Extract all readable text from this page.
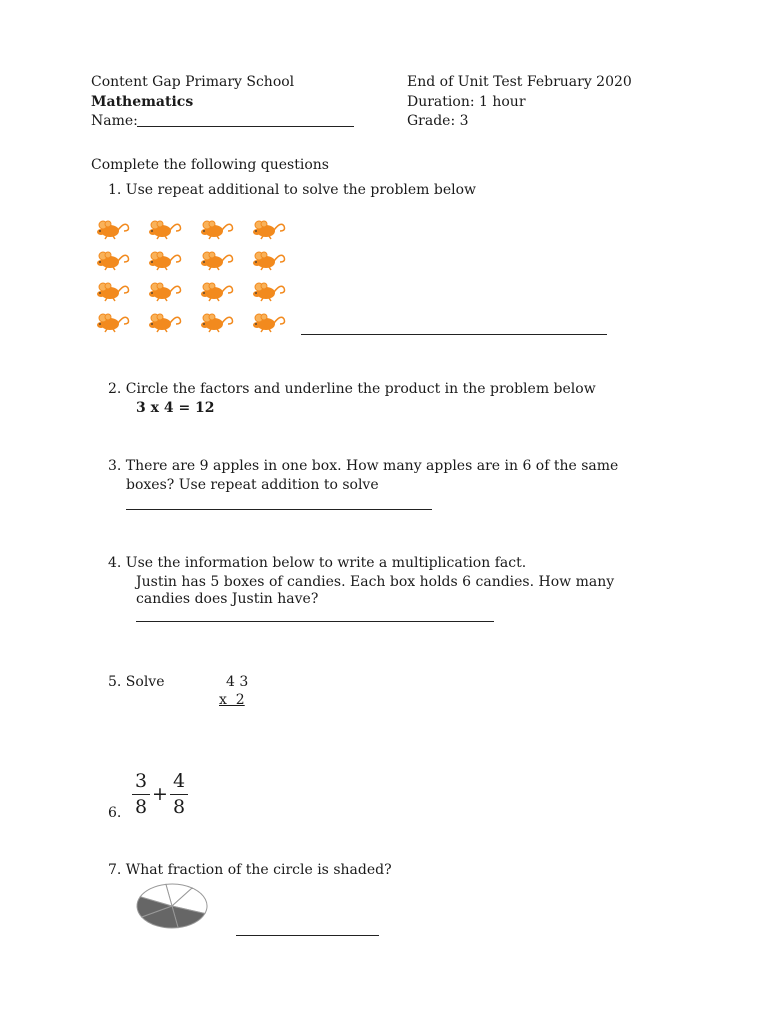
Content Gap Primary School
Mathematics
Name:
End of Unit Test February 2020
Duration: 1 hour
Grade: 3
Complete the following questions
1. Use repeat additional to solve the problem below
2. Circle the factors and underline the product in the problem below
3 x 4 = 12
3. There are 9 apples in one box. How many apples are in 6 of the same
boxes? Use repeat addition to solve
4. Use the information below to write a multiplication fact.
Justin has 5 boxes of candies. Each box holds 6 candies. How many
candies does Justin have?
5. Solve	4 3
x  2
6.
3
8
+
4
8
7. What fraction of the circle is shaded?
